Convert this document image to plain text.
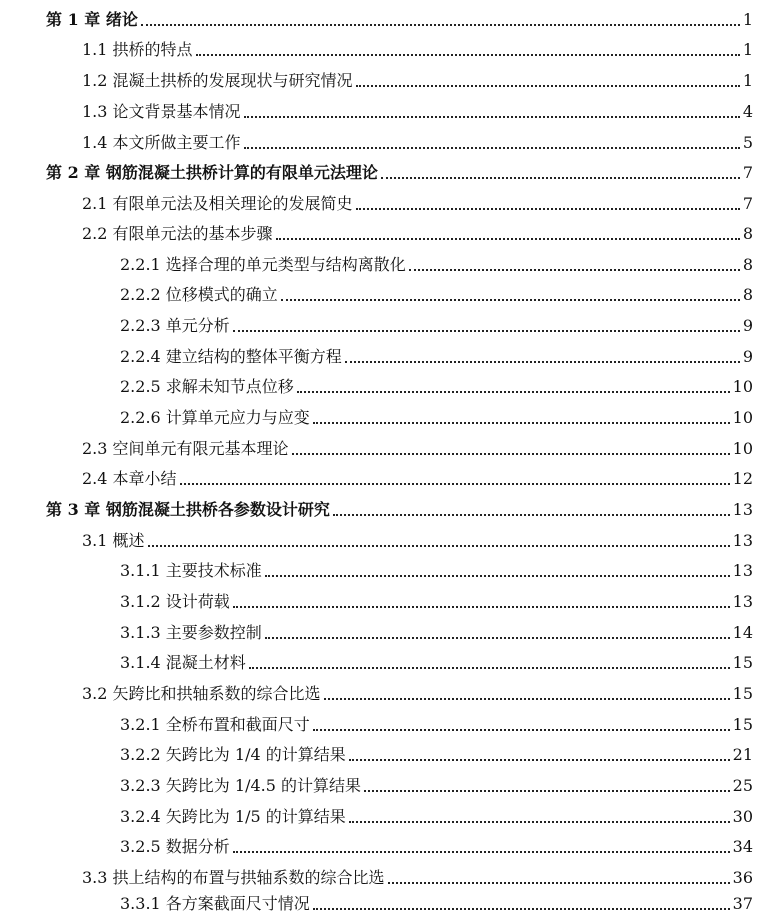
第 1 章 绪论	1
1.1 拱桥的特点	1
1.2 混凝土拱桥的发展现状与研究情况	1
1.3 论文背景基本情况	4
1.4 本文所做主要工作	5
第 2 章 钢筋混凝土拱桥计算的有限单元法理论	7
2.1 有限单元法及相关理论的发展简史	7
2.2 有限单元法的基本步骤	8
2.2.1 选择合理的单元类型与结构离散化	8
2.2.2 位移模式的确立	8
2.2.3 单元分析	9
2.2.4 建立结构的整体平衡方程	9
2.2.5 求解未知节点位移	10
2.2.6 计算单元应力与应变	10
2.3 空间单元有限元基本理论	10
2.4 本章小结	12
第 3 章 钢筋混凝土拱桥各参数设计研究	13
3.1 概述	13
3.1.1 主要技术标准	13
3.1.2 设计荷载	13
3.1.3 主要参数控制	14
3.1.4 混凝土材料	15
3.2 矢跨比和拱轴系数的综合比选	15
3.2.1 全桥布置和截面尺寸	15
3.2.2 矢跨比为 1/4 的计算结果	21
3.2.3 矢跨比为 1/4.5 的计算结果	25
3.2.4 矢跨比为 1/5 的计算结果	30
3.2.5 数据分析	34
3.3 拱上结构的布置与拱轴系数的综合比选	36
3.3.1 各方案截面尺寸情况	37
